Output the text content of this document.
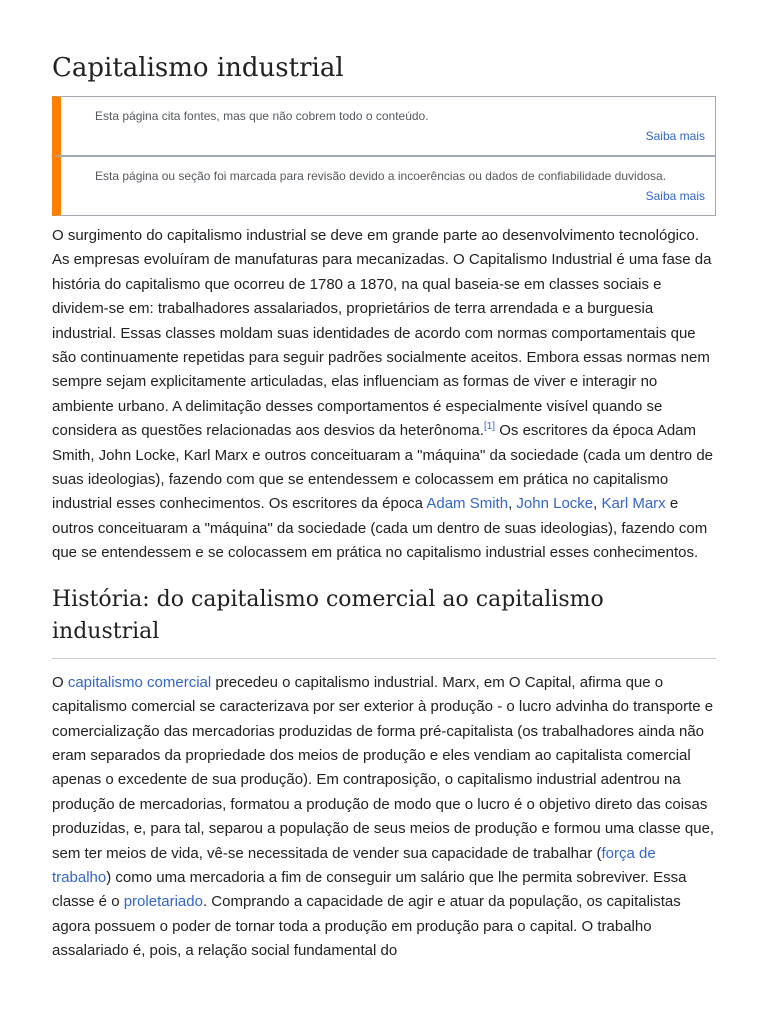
Capitalismo industrial
Esta página cita fontes, mas que não cobrem todo o conteúdo.
Saiba mais
Esta página ou seção foi marcada para revisão devido a incoerências ou dados de confiabilidade duvidosa.
Saiba mais

O surgimento do capitalismo industrial se deve em grande parte ao desenvolvimento tecnológico. As empresas evoluíram de manufaturas para mecanizadas. O Capitalismo Industrial é uma fase da história do capitalismo que ocorreu de 1780 a 1870, na qual baseia-se em classes sociais e dividem-se em: trabalhadores assalariados, proprietários de terra arrendada e a burguesia industrial. Essas classes moldam suas identidades de acordo com normas comportamentais que são continuamente repetidas para seguir padrões socialmente aceitos. Embora essas normas nem sempre sejam explicitamente articuladas, elas influenciam as formas de viver e interagir no ambiente urbano. A delimitação desses comportamentos é especialmente visível quando se considera as questões relacionadas aos desvios da heterônoma.[1] Os escritores da época Adam Smith, John Locke, Karl Marx e outros conceituaram a "máquina" da sociedade (cada um dentro de suas ideologias), fazendo com que se entendessem e colocassem em prática no capitalismo industrial esses conhecimentos. Os escritores da época Adam Smith, John Locke, Karl Marx e outros conceituaram a "máquina" da sociedade (cada um dentro de suas ideologias), fazendo com que se entendessem e se colocassem em prática no capitalismo industrial esses conhecimentos.

História: do capitalismo comercial ao capitalismo industrial

O capitalismo comercial precedeu o capitalismo industrial. Marx, em O Capital, afirma que o capitalismo comercial se caracterizava por ser exterior à produção - o lucro advinha do transporte e comercialização das mercadorias produzidas de forma pré-capitalista (os trabalhadores ainda não eram separados da propriedade dos meios de produção e eles vendiam ao capitalista comercial apenas o excedente de sua produção). Em contraposição, o capitalismo industrial adentrou na produção de mercadorias, formatou a produção de modo que o lucro é o objetivo direto das coisas produzidas, e, para tal, separou a população de seus meios de produção e formou uma classe que, sem ter meios de vida, vê-se necessitada de vender sua capacidade de trabalhar (força de trabalho) como uma mercadoria a fim de conseguir um salário que lhe permita sobreviver. Essa classe é o proletariado. Comprando a capacidade de agir e atuar da população, os capitalistas agora possuem o poder de tornar toda a produção em produção para o capital. O trabalho assalariado é, pois, a relação social fundamental do
